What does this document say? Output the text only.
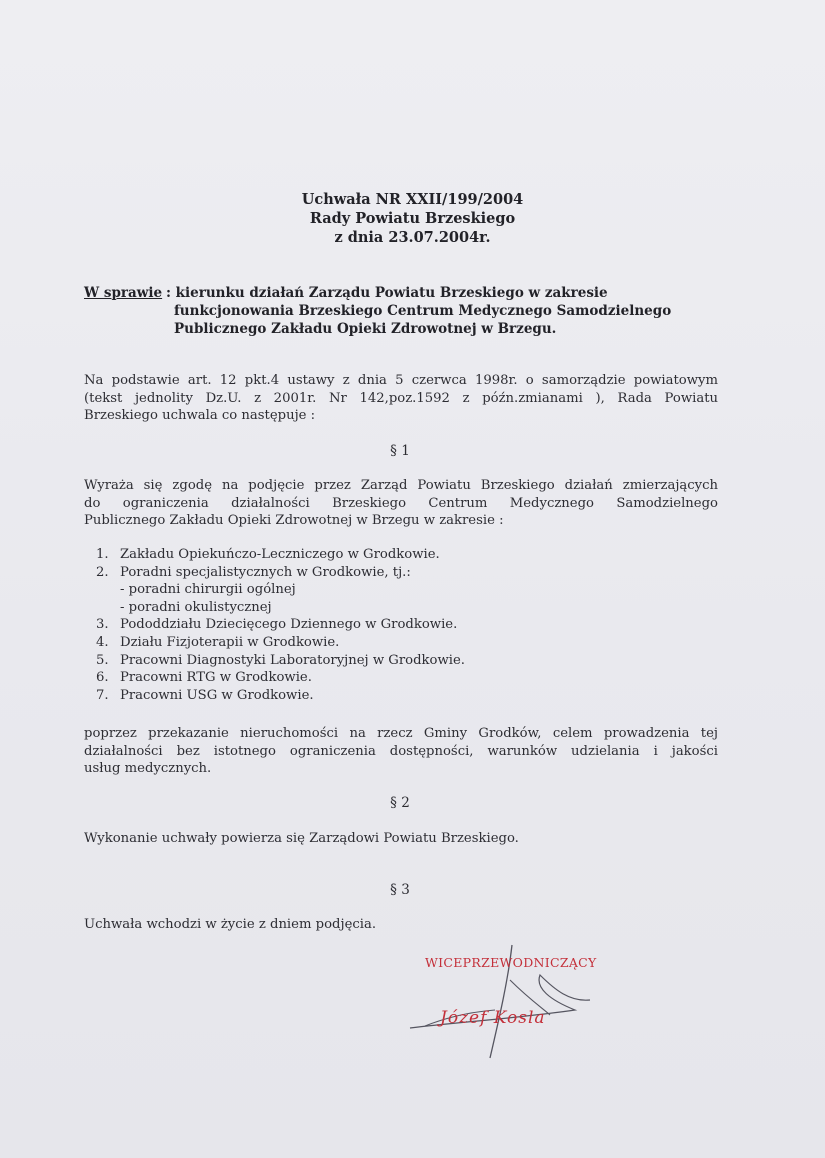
Uchwała NR XXII/199/2004
Rady Powiatu Brzeskiego
z dnia 23.07.2004r.
W sprawie : kierunku działań Zarządu Powiatu Brzeskiego w zakresie
funkcjonowania Brzeskiego Centrum Medycznego Samodzielnego
Publicznego Zakładu Opieki Zdrowotnej w Brzegu.
Na podstawie art. 12 pkt.4 ustawy z dnia 5 czerwca 1998r. o samorządzie powiatowym
(tekst jednolity Dz.U. z 2001r. Nr 142,poz.1592 z późn.zmianami ), Rada Powiatu
Brzeskiego uchwala co następuje :
§ 1
Wyraża się zgodę na podjęcie przez Zarząd Powiatu Brzeskiego działań zmierzających
do ograniczenia działalności Brzeskiego Centrum Medycznego Samodzielnego
Publicznego Zakładu Opieki Zdrowotnej w Brzegu w zakresie :
1. Zakładu Opiekuńczo-Leczniczego w Grodkowie.
2. Poradni specjalistycznych w Grodkowie, tj.:
- poradni chirurgii ogólnej
- poradni okulistycznej
3. Pododdziału Dziecięcego Dziennego w Grodkowie.
4. Działu Fizjoterapii w Grodkowie.
5. Pracowni Diagnostyki Laboratoryjnej w Grodkowie.
6. Pracowni RTG w Grodkowie.
7. Pracowni USG w Grodkowie.
poprzez przekazanie nieruchomości na rzecz Gminy Grodków, celem prowadzenia tej
działalności bez istotnego ograniczenia dostępności, warunków udzielania i jakości
usług medycznych.
§ 2
Wykonanie uchwały powierza się Zarządowi Powiatu Brzeskiego.
§ 3
Uchwała wchodzi w życie z dniem podjęcia.
WICEPRZEWODNICZĄCY
Józef Kosla
